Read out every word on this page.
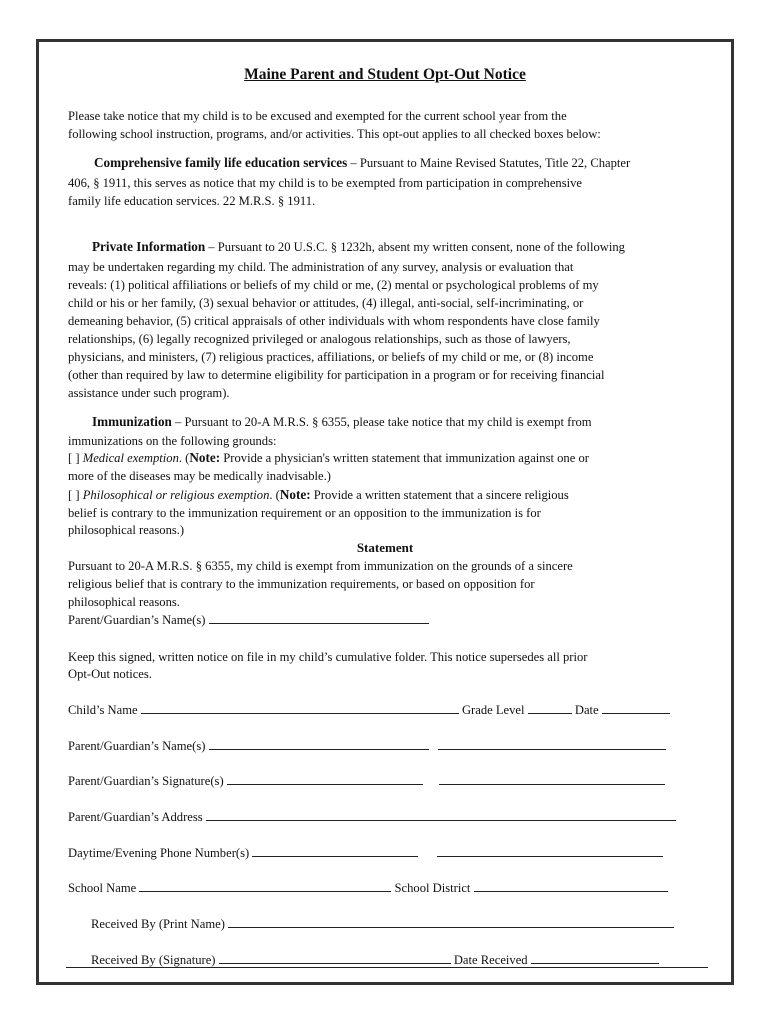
Maine Parent and Student Opt-Out Notice
Please take notice that my child is to be excused and exempted for the current school year from the
following school instruction, programs, and/or activities. This opt-out applies to all checked boxes below:
Comprehensive family life education services – Pursuant to Maine Revised Statutes, Title 22, Chapter
406, § 1911, this serves as notice that my child is to be exempted from participation in comprehensive
family life education services. 22 M.R.S. § 1911.
Private Information – Pursuant to 20 U.S.C. § 1232h, absent my written consent, none of the following
may be undertaken regarding my child. The administration of any survey, analysis or evaluation that
reveals: (1) political affiliations or beliefs of my child or me, (2) mental or psychological problems of my
child or his or her family, (3) sexual behavior or attitudes, (4) illegal, anti-social, self-incriminating, or
demeaning behavior, (5) critical appraisals of other individuals with whom respondents have close family
relationships, (6) legally recognized privileged or analogous relationships, such as those of lawyers,
physicians, and ministers, (7) religious practices, affiliations, or beliefs of my child or me, or (8) income
(other than required by law to determine eligibility for participation in a program or for receiving financial
assistance under such program).
Immunization – Pursuant to 20-A M.R.S. § 6355, please take notice that my child is exempt from
immunizations on the following grounds:
[ ] Medical exemption. (Note: Provide a physician's written statement that immunization against one or
more of the diseases may be medically inadvisable.)
[ ] Philosophical or religious exemption. (Note: Provide a written statement that a sincere religious
belief is contrary to the immunization requirement or an opposition to the immunization is for
philosophical reasons.)
Statement
Pursuant to 20-A M.R.S. § 6355, my child is exempt from immunization on the grounds of a sincere
religious belief that is contrary to the immunization requirements, or based on opposition for
philosophical reasons.
Parent/Guardian’s Name(s)
Keep this signed, written notice on file in my child’s cumulative folder. This notice supersedes all prior
Opt-Out notices.
Child’s Name	Grade Level	Date
Parent/Guardian’s Name(s)
Parent/Guardian’s Signature(s)
Parent/Guardian’s Address
Daytime/Evening Phone Number(s)
School Name	School District
Received By (Print Name)
Received By (Signature)	Date Received
